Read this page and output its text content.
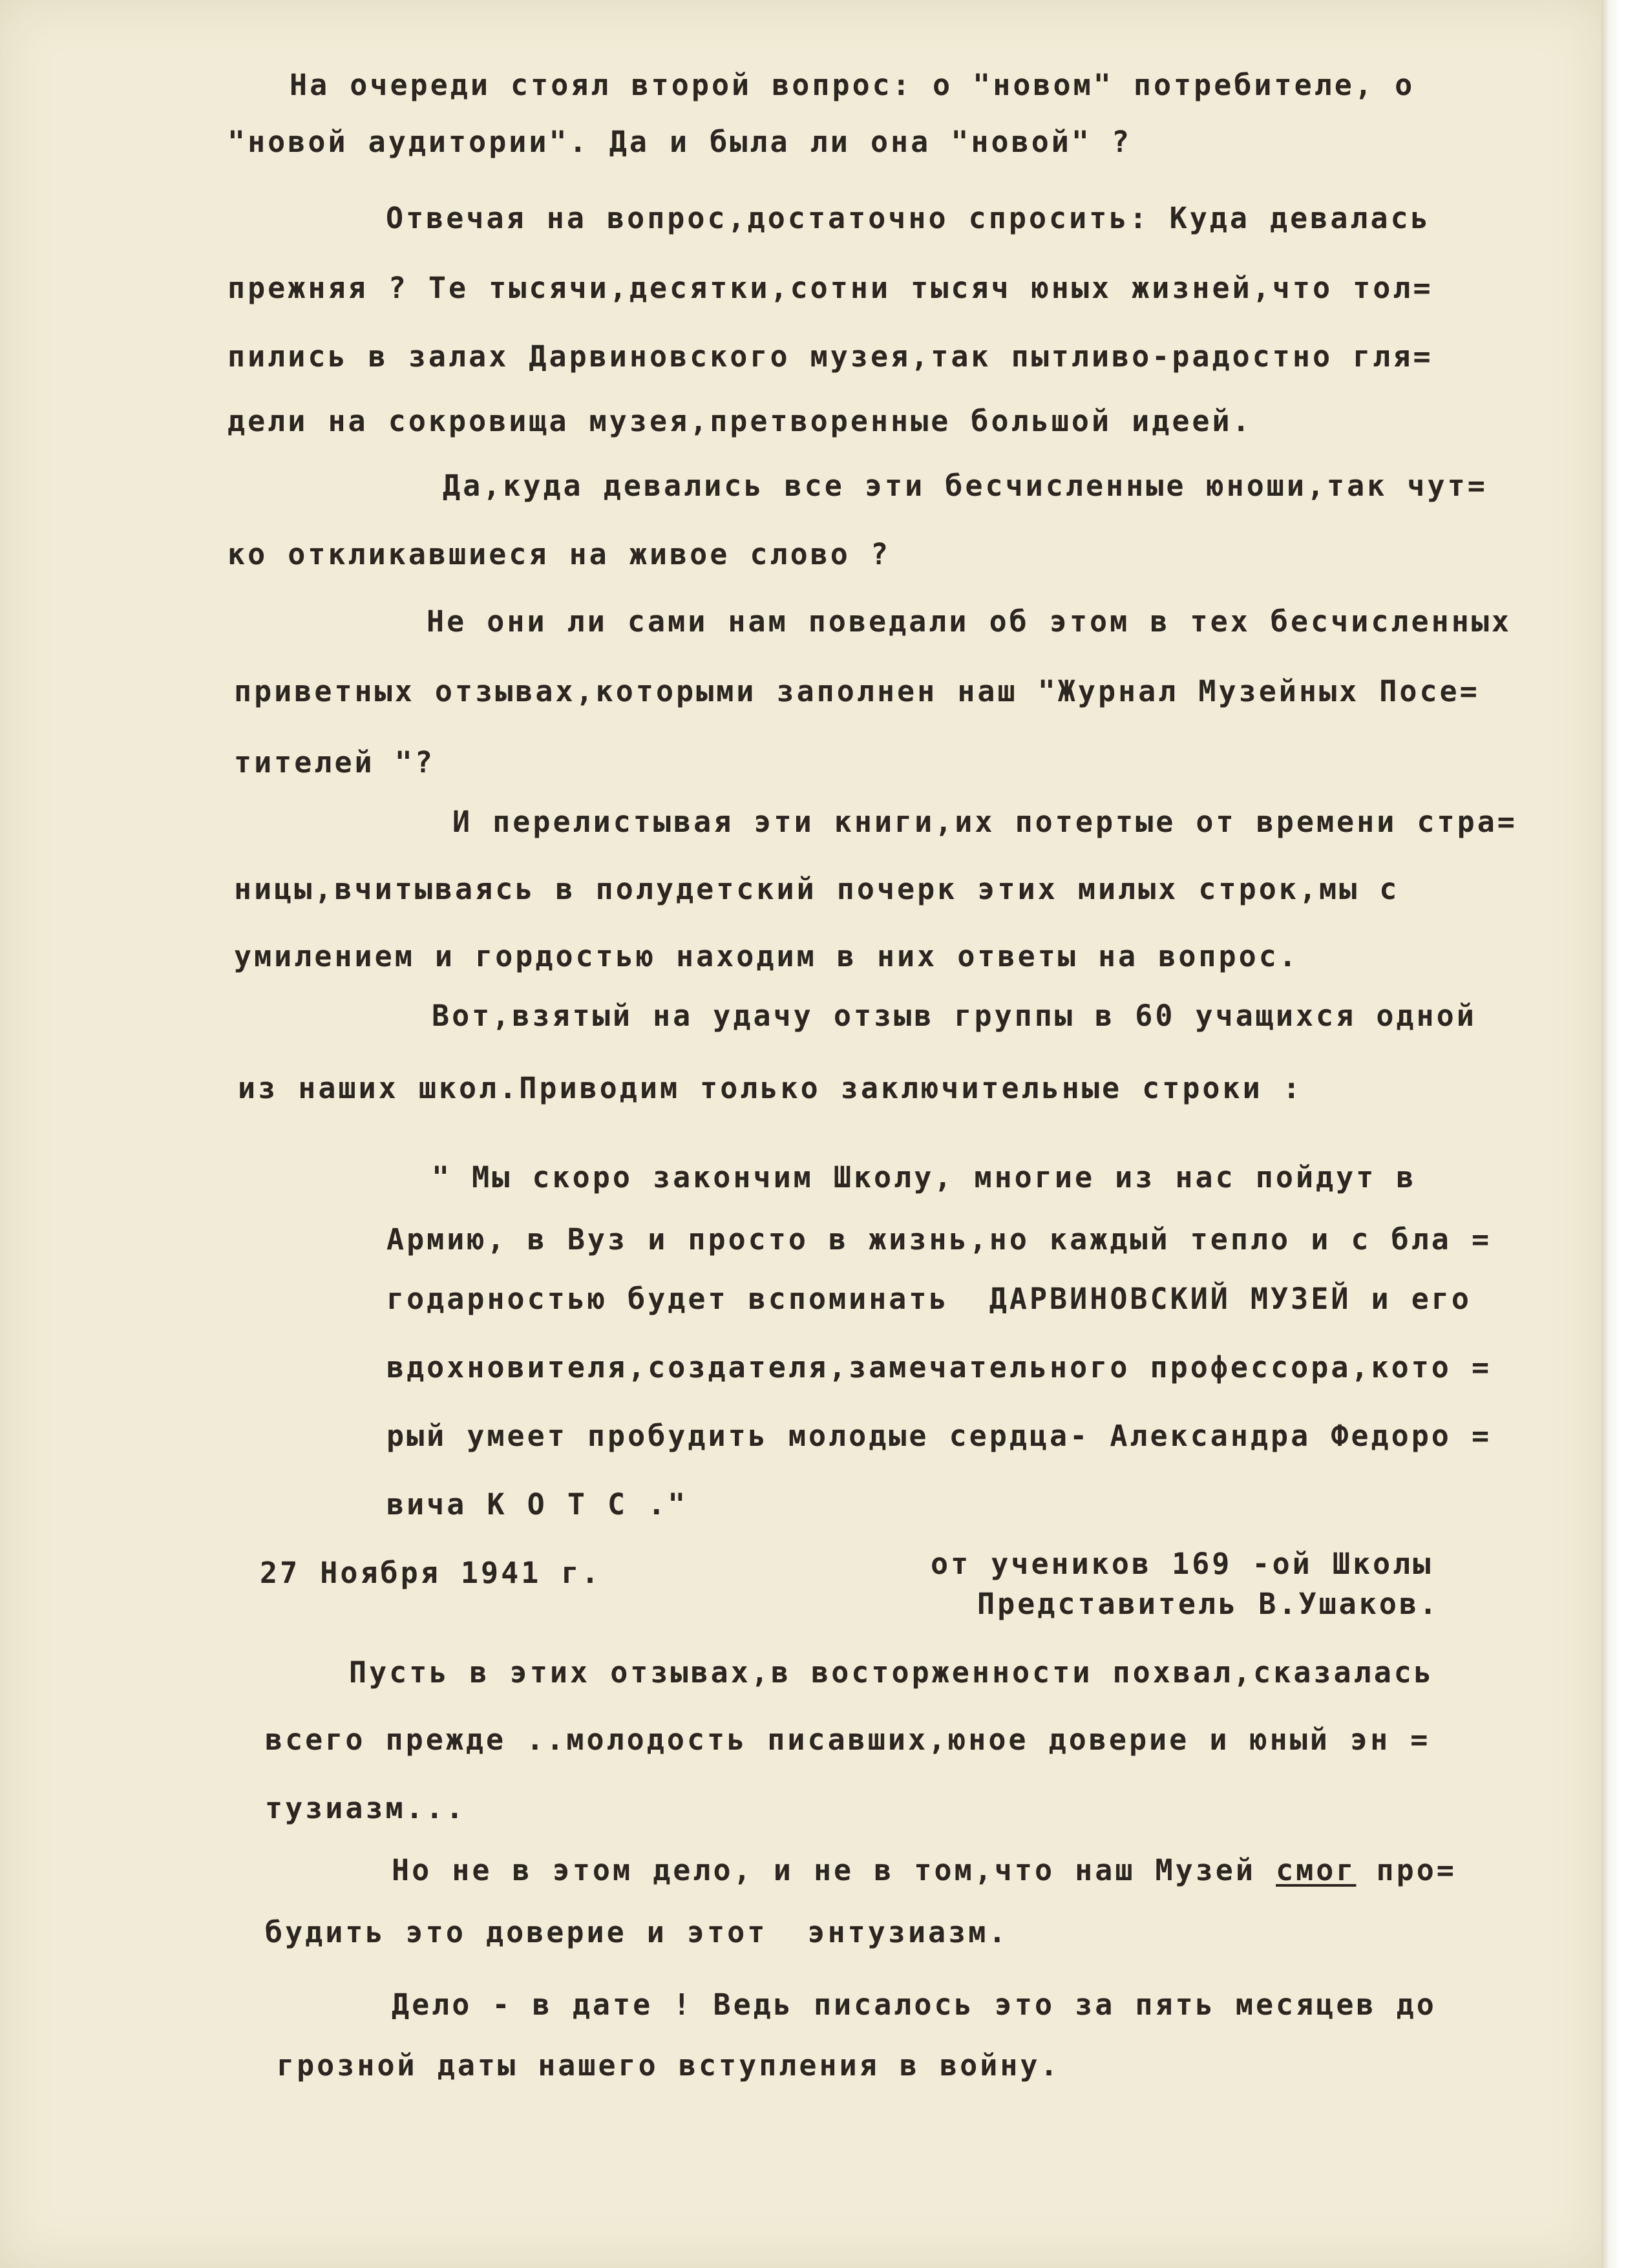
На очереди стоял второй вопрос: о "новом" потребителе, о

"новой аудитории". Да и была ли она "новой" ?

Отвечая на вопрос,достаточно спросить: Куда девалась

прежняя ? Те тысячи,десятки,сотни тысяч юных жизней,что тол=

пились в залах Дарвиновского музея,так пытливо-радостно гля=

дели на сокровища музея,претворенные большой идеей.

Да,куда девались все эти бесчисленные юноши,так чут=

ко откликавшиеся на живое слово ?

Не они ли сами нам поведали об этом в тех бесчисленных

приветных отзывах,которыми заполнен наш "Журнал Музейных Посе=

тителей "?

И перелистывая эти книги,их потертые от времени стра=

ницы,вчитываясь в полудетский почерк этих милых строк,мы с

умилением и гордостью находим в них ответы на вопрос.

Вот,взятый на удачу отзыв группы в 60 учащихся одной

из наших школ.Приводим только заключительные строки :

" Мы скоро закончим Школу, многие из нас пойдут в

Армию, в Вуз и просто в жизнь,но каждый тепло и с бла =

годарностью будет вспоминать  ДАРВИНОВСКИЙ МУЗЕЙ и его

вдохновителя,создателя,замечательного профессора,кото =

рый умеет пробудить молодые сердца- Александра Федоро =

вича К О Т С ."

27 Ноября 1941 г.	от учеников 169 -ой Школы

Представитель В.Ушаков.

Пусть в этих отзывах,в восторженности похвал,сказалась

всего прежде ..молодость писавших,юное доверие и юный эн =

тузиазм...

Но не в этом дело, и не в том,что наш Музей смог про=

будить это доверие и этот  энтузиазм.

Дело - в дате ! Ведь писалось это за пять месяцев до

грозной даты нашего вступления в войну.
